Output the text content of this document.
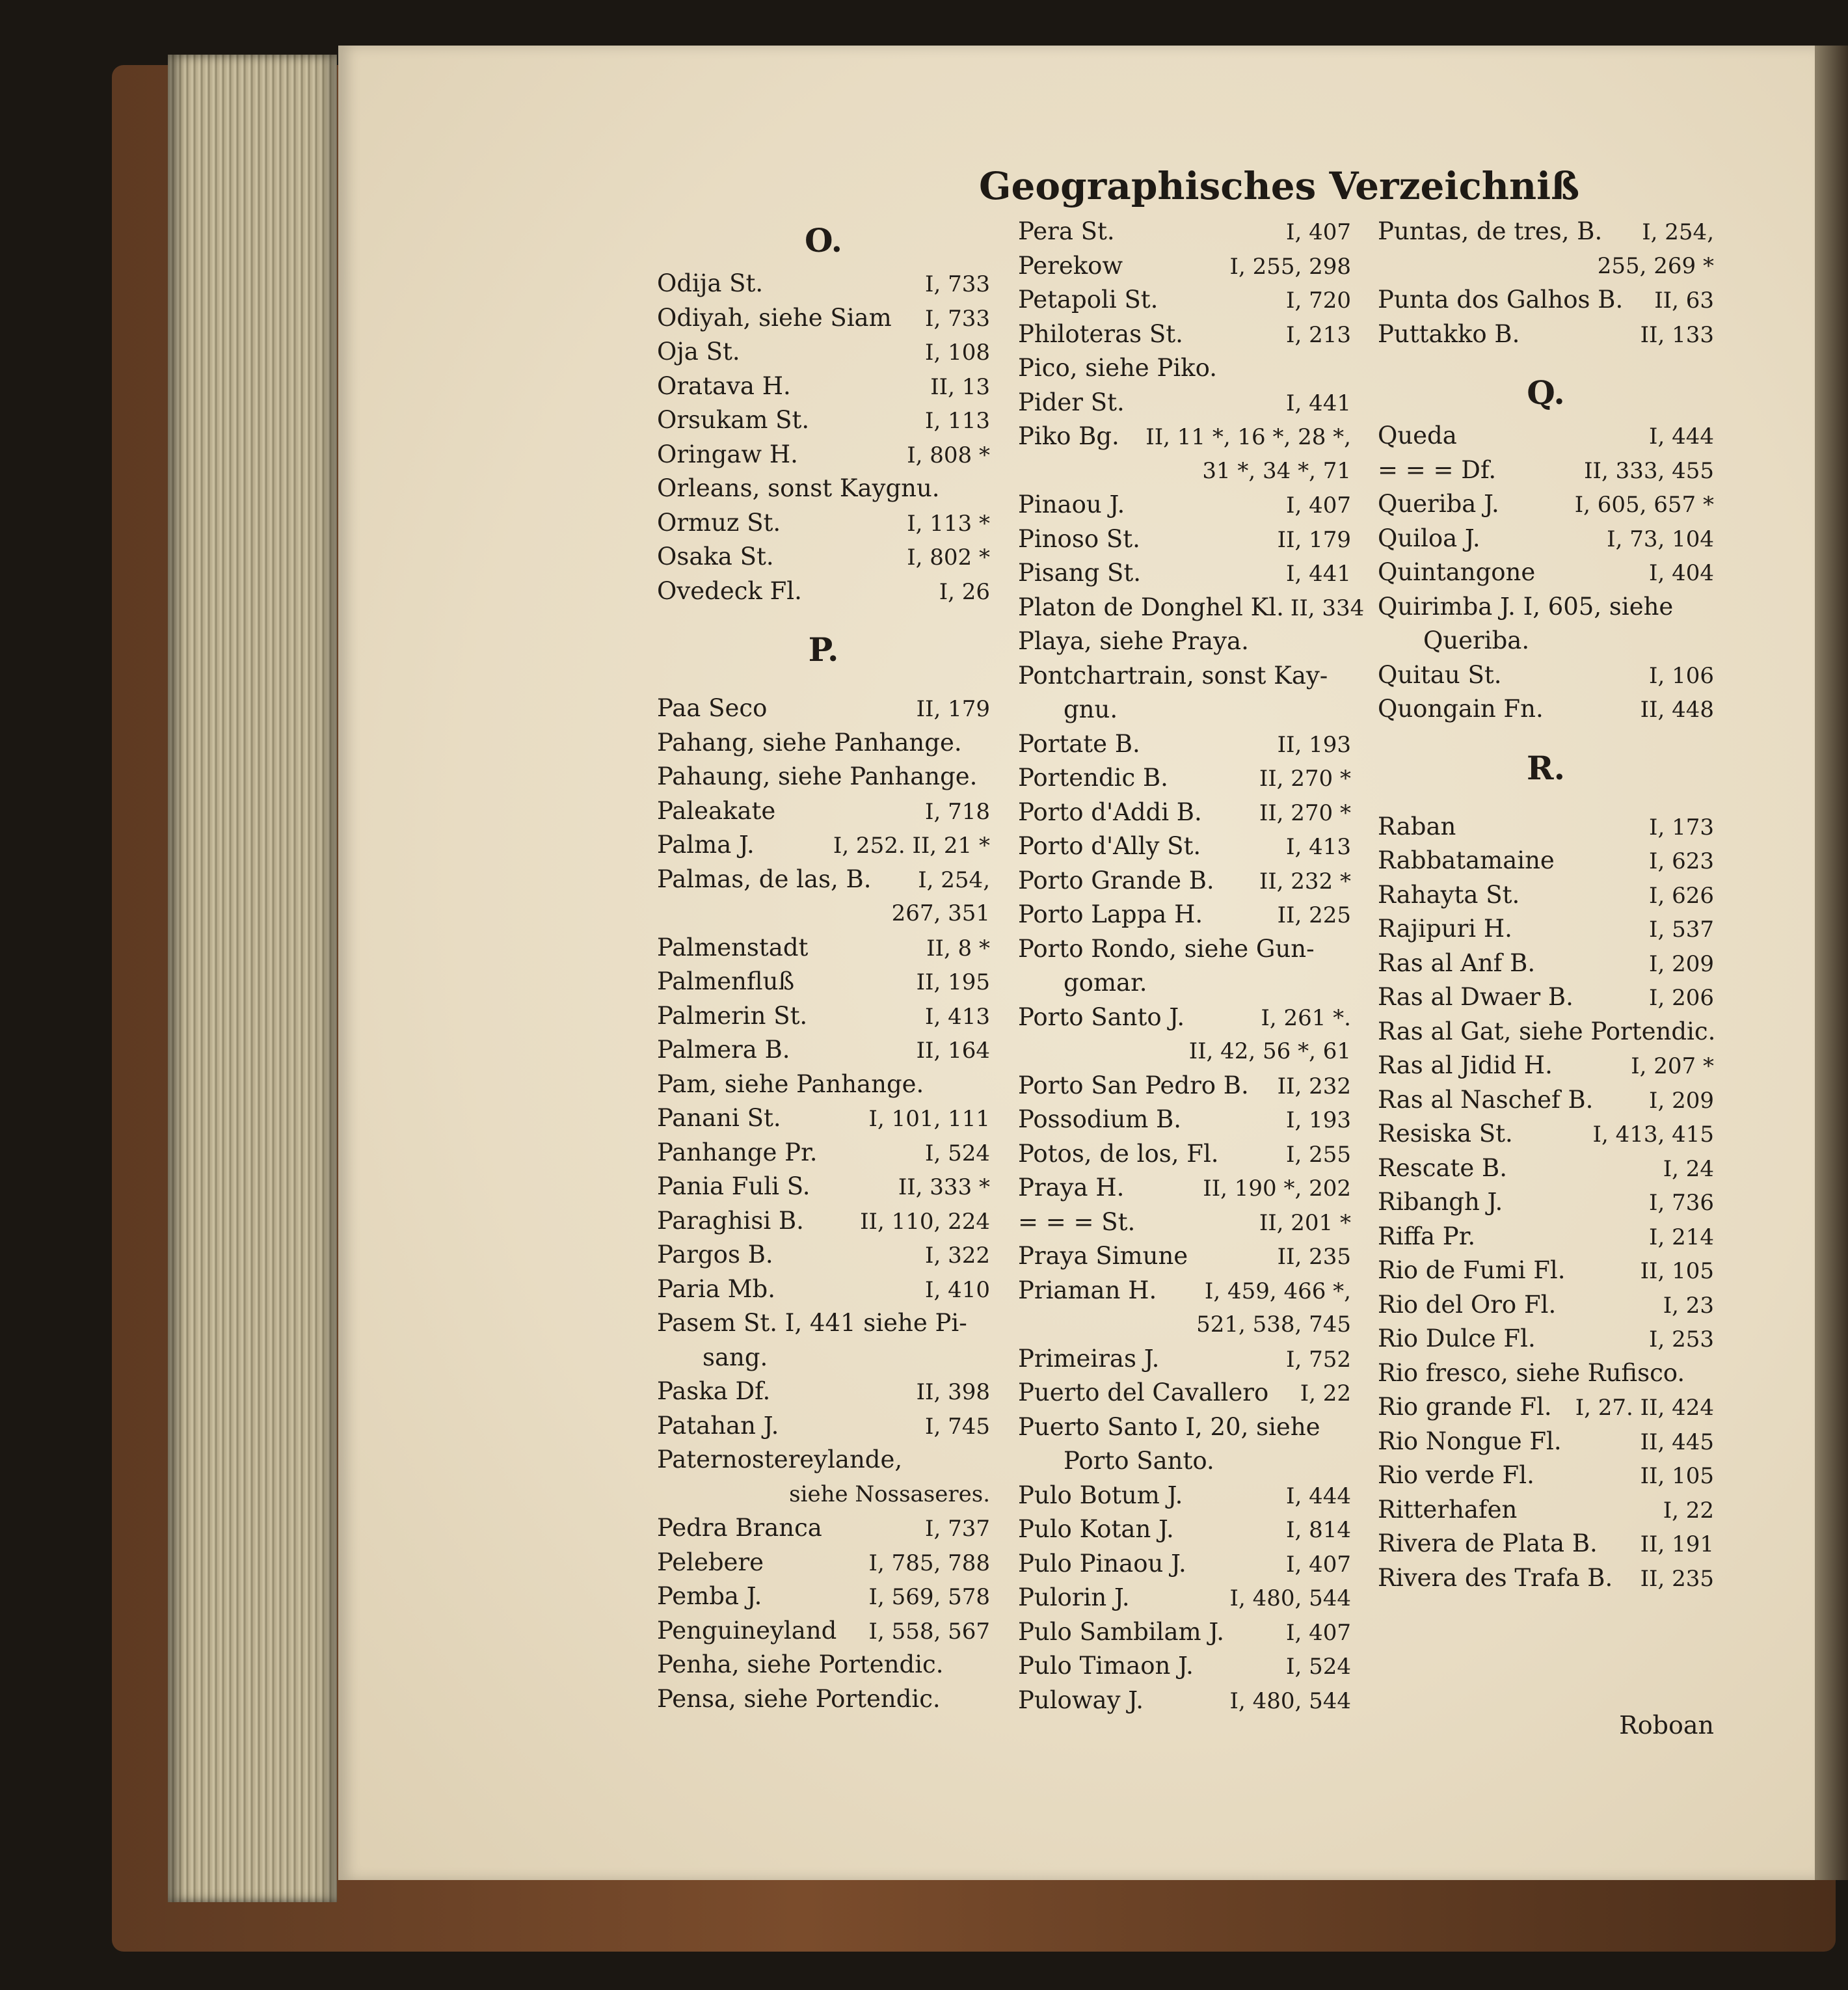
Geographisches Verzeichniß
O.
Odija St.	I, 733
Odiyah, siehe Siam I, 733
Oja St.	I, 108
Oratava H.	II, 13
Orsukam St.	I, 113
Oringaw H.	I, 808 *
Orleans, sonst Kaygnu.
Ormuz St.	I, 113 *
Osaka St.	I, 802 *
Ovedeck Fl.	I, 26
P.
Paa Seco	II, 179
Pahang, siehe Panhange.
Pahaung, siehe Panhange.
Paleakate	I, 718
Palma J.	I, 252. II, 21 *
Palmas, de las, B. I, 254,
267, 351
Palmenstadt	II, 8 *
Palmenfluß	II, 195
Palmerin St.	I, 413
Palmera B.	II, 164
Pam, siehe Panhange.
Panani St.	I, 101, 111
Panhange Pr.	I, 524
Pania Fuli S.	II, 333 *
Paraghisi B.	II, 110, 224
Pargos B.	I, 322
Paria Mb.	I, 410
Pasem St. I, 441 siehe Pi-
sang.
Paska Df.	II, 398
Patahan J.	I, 745
Paternostereylande,
siehe Nossaseres.
Pedra Branca	I, 737
Pelebere	I, 785, 788
Pemba J.	I, 569, 578
Penguineyland I, 558, 567
Penha, siehe Portendic.
Pensa, siehe Portendic.
Pera St.	I, 407
Perekow	I, 255, 298
Petapoli St.	I, 720
Philoteras St.	I, 213
Pico, siehe Piko.
Pider St.	I, 441
Piko Bg. II, 11 *, 16 *, 28 *,
31 *, 34 *, 71
Pinaou J.	I, 407
Pinoso St.	II, 179
Pisang St.	I, 441
Platon de Donghel Kl. II, 334
Playa, siehe Praya.
Pontchartrain, sonst Kay-
gnu.
Portate B.	II, 193
Portendic B.	II, 270 *
Porto d'Addi B.	II, 270 *
Porto d'Ally St.	I, 413
Porto Grande B. II, 232 *
Porto Lappa H.	II, 225
Porto Rondo, siehe Gun-
gomar.
Porto Santo J.	I, 261 *.
II, 42, 56 *, 61
Porto San Pedro B. II, 232
Possodium B.	I, 193
Potos, de los, Fl.	I, 255
Praya H.	II, 190 *, 202
= = = St.	II, 201 *
Praya Simune	II, 235
Priaman H. I, 459, 466 *,
521, 538, 745
Primeiras J.	I, 752
Puerto del Cavallero I, 22
Puerto Santo I, 20, siehe
Porto Santo.
Pulo Botum J.	I, 444
Pulo Kotan J.	I, 814
Pulo Pinaou J.	I, 407
Pulorin J.	I, 480, 544
Pulo Sambilam J.	I, 407
Pulo Timaon J.	I, 524
Puloway J.	I, 480, 544
Puntas, de tres, B. I, 254,
255, 269 *
Punta dos Galhos B. II, 63
Puttakko B.	II, 133
Q.
Queda	I, 444
= = = Df.	II, 333, 455
Queriba J.	I, 605, 657 *
Quiloa J.	I, 73, 104
Quintangone	I, 404
Quirimba J. I, 605, siehe
Queriba.
Quitau St.	I, 106
Quongain Fn.	II, 448
R.
Raban	I, 173
Rabbatamaine	I, 623
Rahayta St.	I, 626
Rajipuri H.	I, 537
Ras al Anf B.	I, 209
Ras al Dwaer B.	I, 206
Ras al Gat, siehe Portendic.
Ras al Jidid H.	I, 207 *
Ras al Naschef B.	I, 209
Resiska St.	I, 413, 415
Rescate B.	I, 24
Ribangh J.	I, 736
Riffa Pr.	I, 214
Rio de Fumi Fl.	II, 105
Rio del Oro Fl.	I, 23
Rio Dulce Fl.	I, 253
Rio fresco, siehe Rufisco.
Rio grande Fl. I, 27. II, 424
Rio Nongue Fl.	II, 445
Rio verde Fl.	II, 105
Ritterhafen	I, 22
Rivera de Plata B. II, 191
Rivera des Trafa B. II, 235
Roboan
